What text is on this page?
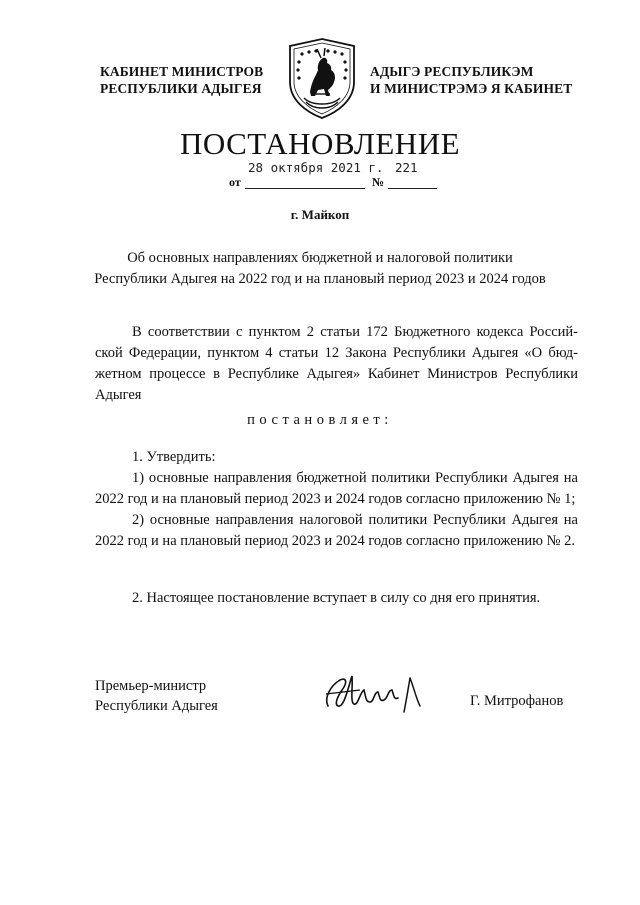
КАБИНЕТ МИНИСТРОВ
РЕСПУБЛИКИ АДЫГЕЯ
АДЫГЭ РЕСПУБЛИКЭМ
И МИНИСТРЭМЭ Я КАБИНЕТ
ПОСТАНОВЛЕНИЕ
28 октября 2021 г. 221
от	№
г. Майкоп
Об основных направлениях бюджетной и налоговой политики
Республики Адыгея на 2022 год и на плановый период 2023 и 2024 годов
В соответствии с пунктом 2 статьи 172 Бюджетного кодекса Россий-ской Федерации, пунктом 4 статьи 12 Закона Республики Адыгея «О бюд-жетном процессе в Республике Адыгея» Кабинет Министров Республики Адыгея
постановляет:
1. Утвердить:
1) основные направления бюджетной политики Республики Адыгея на 2022 год и на плановый период 2023 и 2024 годов согласно приложению № 1;
2) основные направления налоговой политики Республики Адыгея на 2022 год и на плановый период 2023 и 2024 годов согласно приложению № 2.
2. Настоящее постановление вступает в силу со дня его принятия.
Премьер-министр
Республики Адыгея	Г. Митрофанов
